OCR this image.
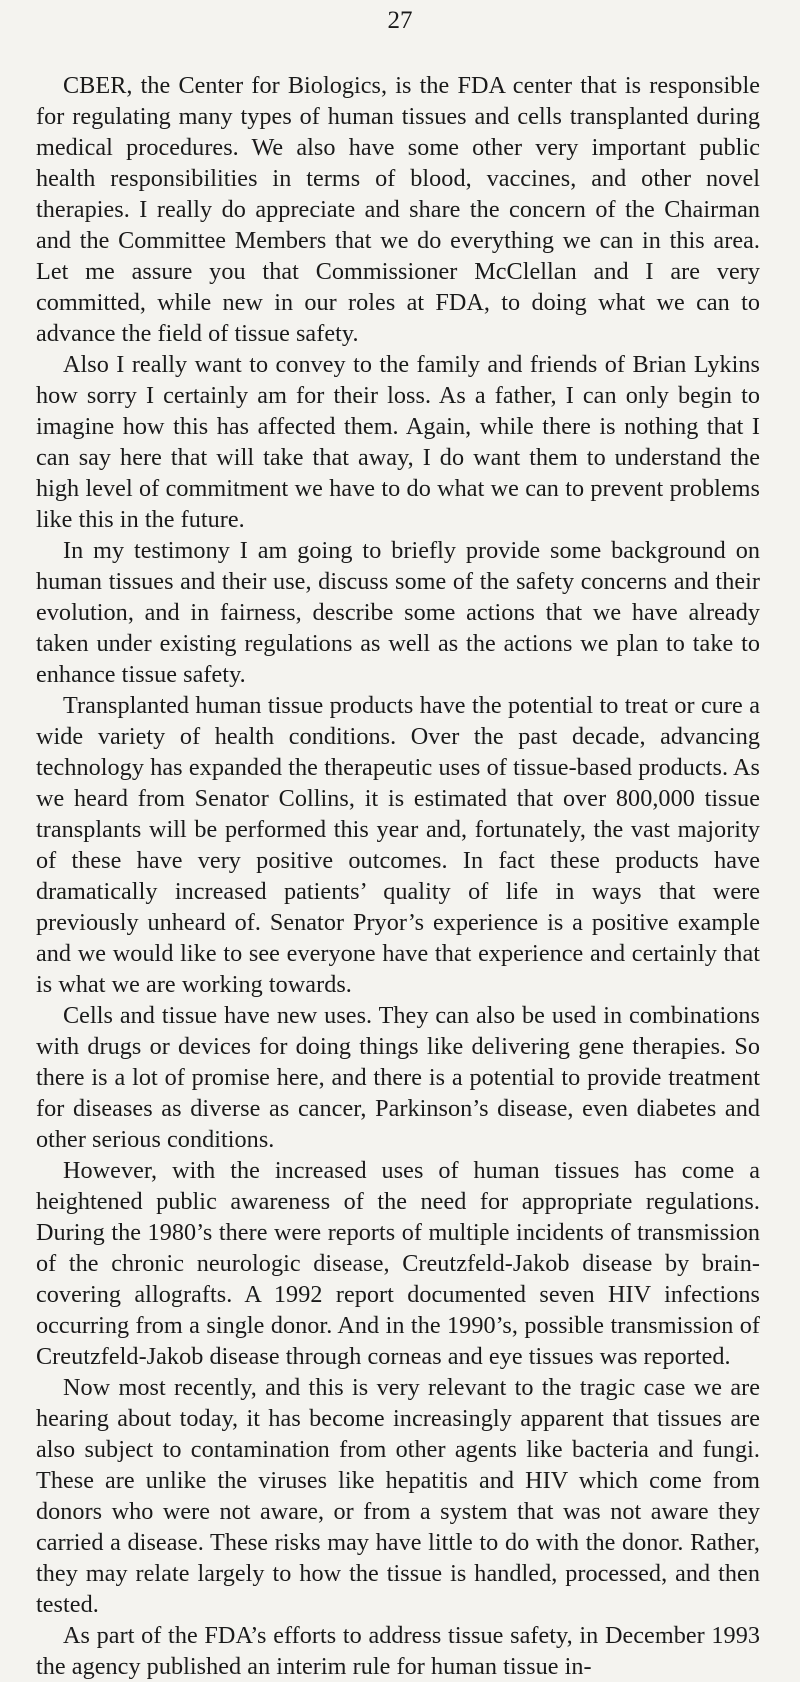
27

CBER, the Center for Biologics, is the FDA center that is responsible for regulating many types of human tissues and cells transplanted during medical procedures. We also have some other very important public health responsibilities in terms of blood, vaccines, and other novel therapies. I really do appreciate and share the concern of the Chairman and the Committee Members that we do everything we can in this area. Let me assure you that Commissioner McClellan and I are very committed, while new in our roles at FDA, to doing what we can to advance the field of tissue safety.

Also I really want to convey to the family and friends of Brian Lykins how sorry I certainly am for their loss. As a father, I can only begin to imagine how this has affected them. Again, while there is nothing that I can say here that will take that away, I do want them to understand the high level of commitment we have to do what we can to prevent problems like this in the future.

In my testimony I am going to briefly provide some background on human tissues and their use, discuss some of the safety concerns and their evolution, and in fairness, describe some actions that we have already taken under existing regulations as well as the actions we plan to take to enhance tissue safety.

Transplanted human tissue products have the potential to treat or cure a wide variety of health conditions. Over the past decade, advancing technology has expanded the therapeutic uses of tissue-based products. As we heard from Senator Collins, it is estimated that over 800,000 tissue transplants will be performed this year and, fortunately, the vast majority of these have very positive outcomes. In fact these products have dramatically increased patients’ quality of life in ways that were previously unheard of. Senator Pryor’s experience is a positive example and we would like to see everyone have that experience and certainly that is what we are working towards.

Cells and tissue have new uses. They can also be used in combinations with drugs or devices for doing things like delivering gene therapies. So there is a lot of promise here, and there is a potential to provide treatment for diseases as diverse as cancer, Parkinson’s disease, even diabetes and other serious conditions.

However, with the increased uses of human tissues has come a heightened public awareness of the need for appropriate regulations. During the 1980’s there were reports of multiple incidents of transmission of the chronic neurologic disease, Creutzfeld-Jakob disease by brain-covering allografts. A 1992 report documented seven HIV infections occurring from a single donor. And in the 1990’s, possible transmission of Creutzfeld-Jakob disease through corneas and eye tissues was reported.

Now most recently, and this is very relevant to the tragic case we are hearing about today, it has become increasingly apparent that tissues are also subject to contamination from other agents like bacteria and fungi. These are unlike the viruses like hepatitis and HIV which come from donors who were not aware, or from a system that was not aware they carried a disease. These risks may have little to do with the donor. Rather, they may relate largely to how the tissue is handled, processed, and then tested.

As part of the FDA’s efforts to address tissue safety, in December 1993 the agency published an interim rule for human tissue in-
